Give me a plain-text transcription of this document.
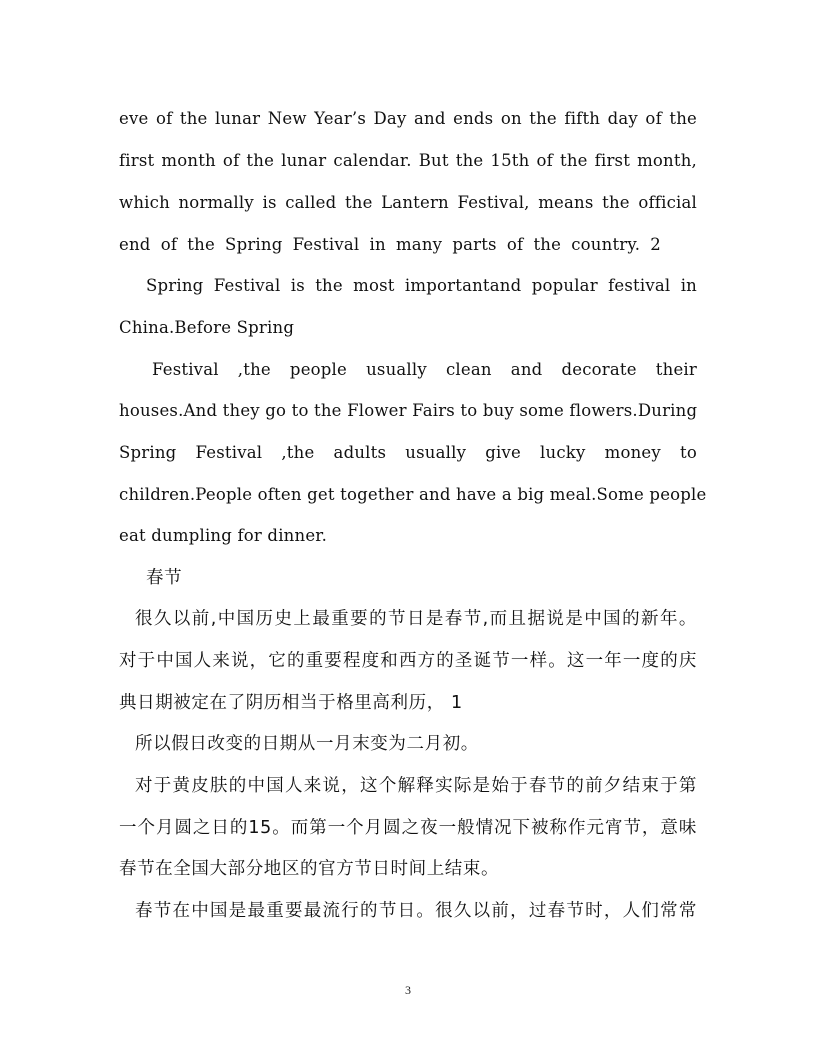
eve of the lunar New Year’s Day and ends on the fifth day of the
first month of the lunar calendar. But the 15th of the first month,
which normally is called the Lantern Festival, means the official
end of the Spring Festival in many parts of the country. 2
Spring Festival is the most importantand popular festival in
China.Before Spring
Festival ,the people usually clean and decorate their
houses.And they go to the Flower Fairs to buy some flowers.During
Spring Festival ,the adults usually give lucky money to
children.People often get together and have a big meal.Some people
eat dumpling for dinner.
春节
很久以前,中国历史上最重要的节日是春节,而且据说是中国的新年。
对于中国人来说，它的重要程度和西方的圣诞节一样。这一年一度的庆
典日期被定在了阴历相当于格里高利历， 1
所以假日改变的日期从一月末变为二月初。
对于黄皮肤的中国人来说，这个解释实际是始于春节的前夕结束于第
一个月圆之日的15。而第一个月圆之夜一般情况下被称作元宵节，意味
春节在全国大部分地区的官方节日时间上结束。
春节在中国是最重要最流行的节日。很久以前，过春节时，人们常常
3
